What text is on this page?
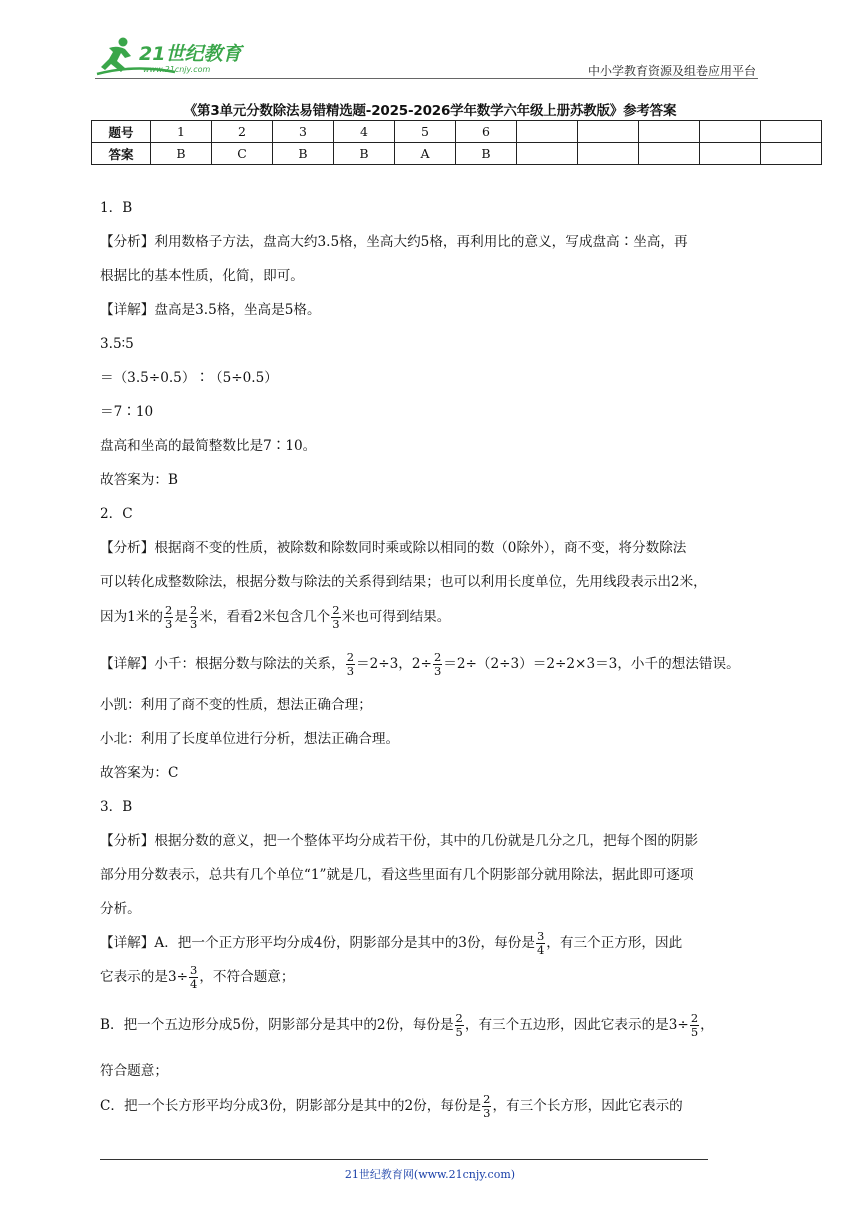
21世纪教育
www.21cnjy.com	中小学教育资源及组卷应用平台
《第3单元分数除法易错精选题-2025-2026学年数学六年级上册苏教版》参考答案
题号	1	2	3	4	5	6					
答案	B	C	B	B	A	B					
1．B
【分析】利用数格子方法，盘高大约3.5格，坐高大约5格，再利用比的意义，写成盘高∶坐高，再
根据比的基本性质，化简，即可。
【详解】盘高是3.5格，坐高是5格。
3.5∶5
＝（3.5÷0.5）∶（5÷0.5）
＝7∶10
盘高和坐高的最简整数比是7∶10。
故答案为：B
2．C
【分析】根据商不变的性质，被除数和除数同时乘或除以相同的数（0除外），商不变，将分数除法
可以转化成整数除法，根据分数与除法的关系得到结果；也可以利用长度单位，先用线段表示出2米，
因为1米的 $\frac{2}{3}$ 是 $\frac{2}{3}$ 米，看看2米包含几个 $\frac{2}{3}$ 米也可得到结果。
【详解】小千：根据分数与除法的关系， $\frac{2}{3} =2\div 3$，$2\div \frac{2}{3} =2\div(2\div 3)=2\div 2\times 3=3$，小千的想法错误。
小凯：利用了商不变的性质，想法正确合理；
小北：利用了长度单位进行分析，想法正确合理。
故答案为：C
3．B
【分析】根据分数的意义，把一个整体平均分成若干份，其中的几份就是几分之几，把每个图的阴影
部分用分数表示，总共有几个单位“1”就是几，看这些里面有几个阴影部分就用除法，据此即可逐项
分析。
【详解】A．把一个正方形平均分成4份，阴影部分是其中的3份，每份是 $\frac{3}{4}$ ，有三个正方形，因此
它表示的是$3\div \frac{3}{4}$ ，不符合题意；
B．把一个五边形分成5份，阴影部分是其中的2份，每份是 $\frac{2}{5}$ ，有三个五边形，因此它表示的是$3\div \frac{2}{5}$ ，
符合题意；
C．把一个长方形平均分成3份，阴影部分是其中的2份，每份是 $\frac{2}{3}$ ，有三个长方形，因此它表示的
21世纪教育网(www.21cnjy.com)
